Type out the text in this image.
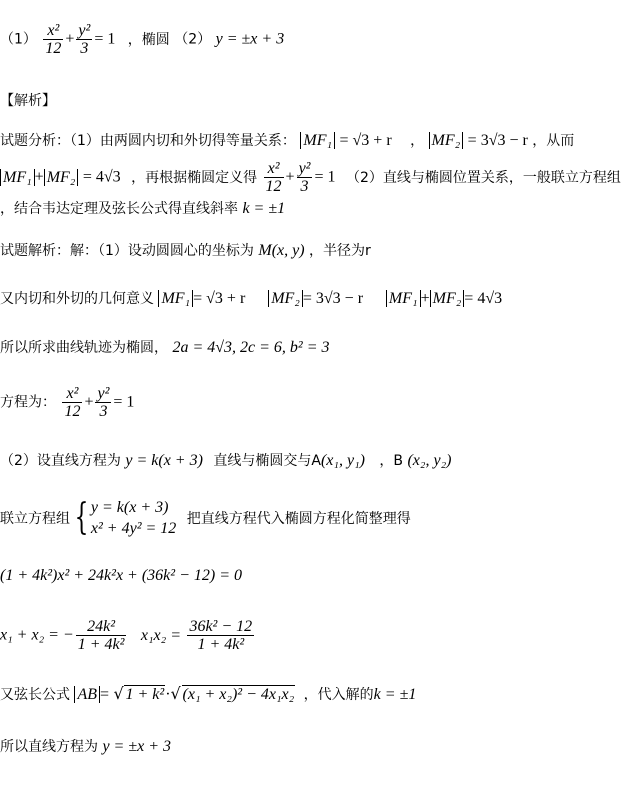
$(1) \frac{\text{x²}}{12} + \frac{\text{y²}}{3} = 1$ ，椭圆 （2） y = ±x + 3
【解析】
试题分析：（1）由两圆内切和外切得等量关系： MF₁ = √3 + r ， MF₂ = 3√3 − r ，从而
MF₁ + MF₂ = 4√3 ，再根据椭圆定义得 $\frac{\text{x²}}{12} + \frac{\text{y²}}{3} = 1$ （2）直线与椭圆位置关系，一般联立方程组
，结合韦达定理及弦长公式得直线斜率 k = ±1
试题解析：解：（1）设动圆圆心的坐标为 M(x, y) ，半径为r
又内切和外切的几何意义 MF₁ = √3 + r MF₂ = 3√3 − r MF₁ + MF₂ = 4√3
所以所求曲线轨迹为椭圆， 2a = 4√3, 2c = 6, b² = 3
方程为： $\frac{\text{x²}}{12} + \frac{\text{y²}}{3} = 1$
（2）设直线方程为 y = k(x + 3) 直线与椭圆交与A(x₁, y₁) ，B (x₂, y₂)
联立方程组 { y = k(x + 3)
x² + 4y² = 12
把直线方程代入椭圆方程化简整理得
(1 + 4k²)x² + 24k²x + (36k² − 12) = 0
x₁ + x₂ = − $\frac{\text{24k²}}{\text{1 + 4k²}} x_1x_2 = \frac{\text{36k² − 12}}{\text{1 + 4k²}}$
又弦长公式 AB = √ 1 + k²· √ (x₁ + x₂)² − 4x₁x₂ ，代入解的k = ±1
所以直线方程为 y = ±x + 3
